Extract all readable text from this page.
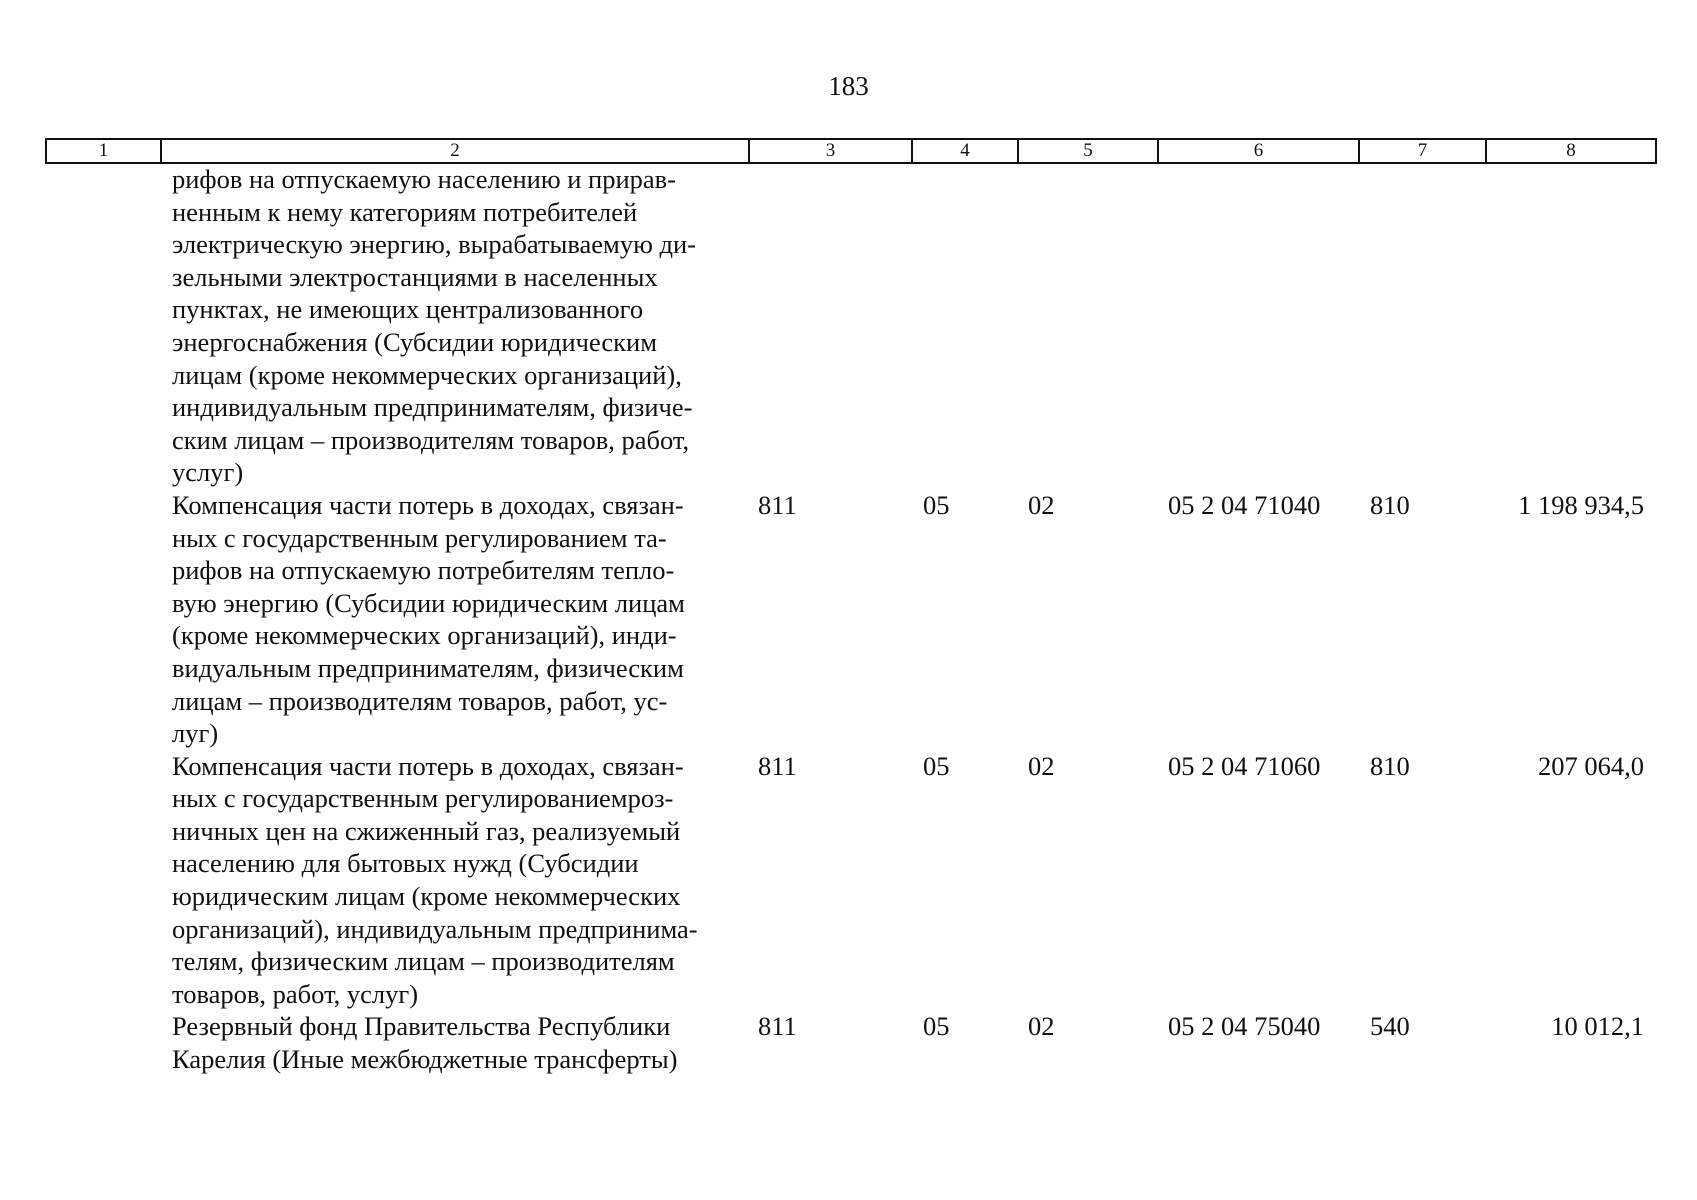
183
1	2	3	4	5	6	7	8
рифов на отпускаемую населению и прирав-
ненным к нему категориям потребителей
электрическую энергию, вырабатываемую ди-
зельными электростанциями в населенных
пунктах, не имеющих централизованного
энергоснабжения (Субсидии юридическим
лицам (кроме некоммерческих организаций),
индивидуальным предпринимателям, физиче-
ским лицам – производителям товаров, работ,
услуг)
Компенсация части потерь в доходах, связан-
ных с государственным регулированием та-
рифов на отпускаемую потребителям тепло-
вую энергию (Субсидии юридическим лицам
(кроме некоммерческих организаций), инди-
видуальным предпринимателям, физическим
лицам – производителям товаров, работ, ус-
луг)
811	05	02	05 2 04 71040	810	1 198 934,5
Компенсация части потерь в доходах, связан-
ных с государственным регулированиемроз-
ничных цен на сжиженный газ, реализуемый
населению для бытовых нужд (Субсидии
юридическим лицам (кроме некоммерческих
организаций), индивидуальным предпринима-
телям, физическим лицам – производителям
товаров, работ, услуг)
811	05	02	05 2 04 71060	810	207 064,0
Резервный фонд Правительства Республики
Карелия (Иные межбюджетные трансферты)
811	05	02	05 2 04 75040	540	10 012,1
